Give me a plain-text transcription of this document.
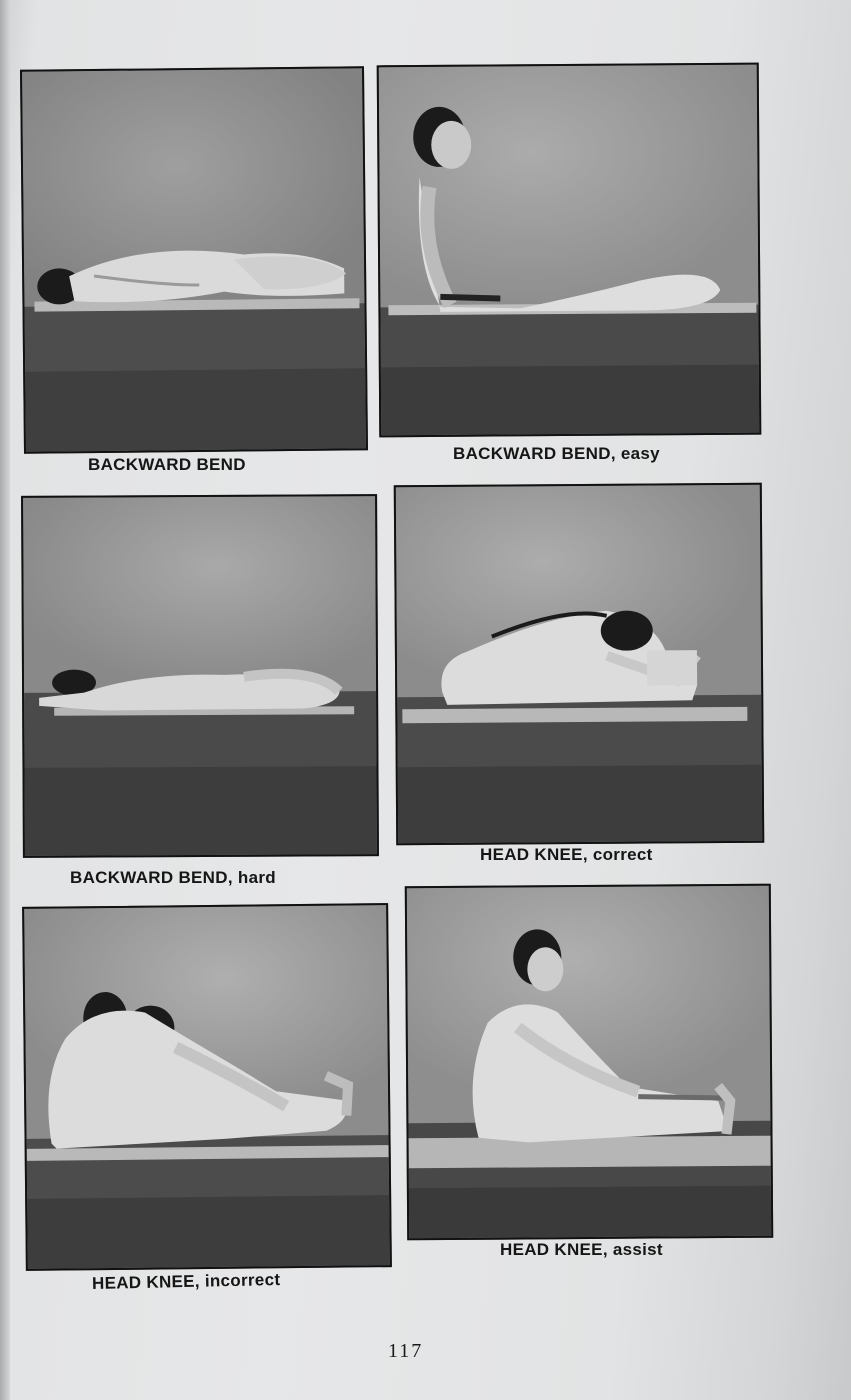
BACKWARD BEND
BACKWARD BEND, easy
BACKWARD BEND, hard
HEAD KNEE, correct
HEAD KNEE, incorrect
HEAD KNEE, assist
117
